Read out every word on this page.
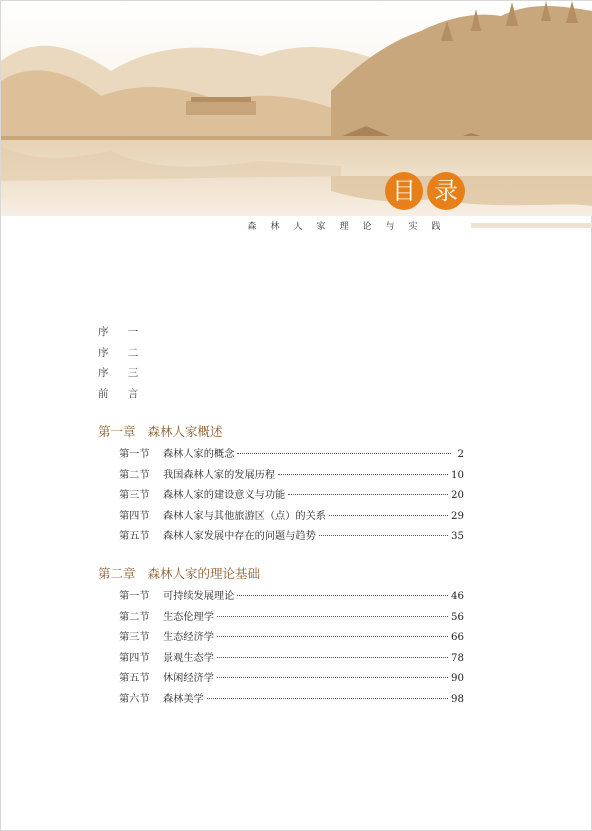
目 录
森林人家理论与实践
序 一
序 二
序 三
前 言
第一章 森林人家概述
第一节	森林人家的概念	2
第二节	我国森林人家的发展历程	10
第三节	森林人家的建设意义与功能	20
第四节	森林人家与其他旅游区（点）的关系	29
第五节	森林人家发展中存在的问题与趋势	35
第二章 森林人家的理论基础
第一节	可持续发展理论	46
第二节	生态伦理学	56
第三节	生态经济学	66
第四节	景观生态学	78
第五节	休闲经济学	90
第六节	森林美学	98
